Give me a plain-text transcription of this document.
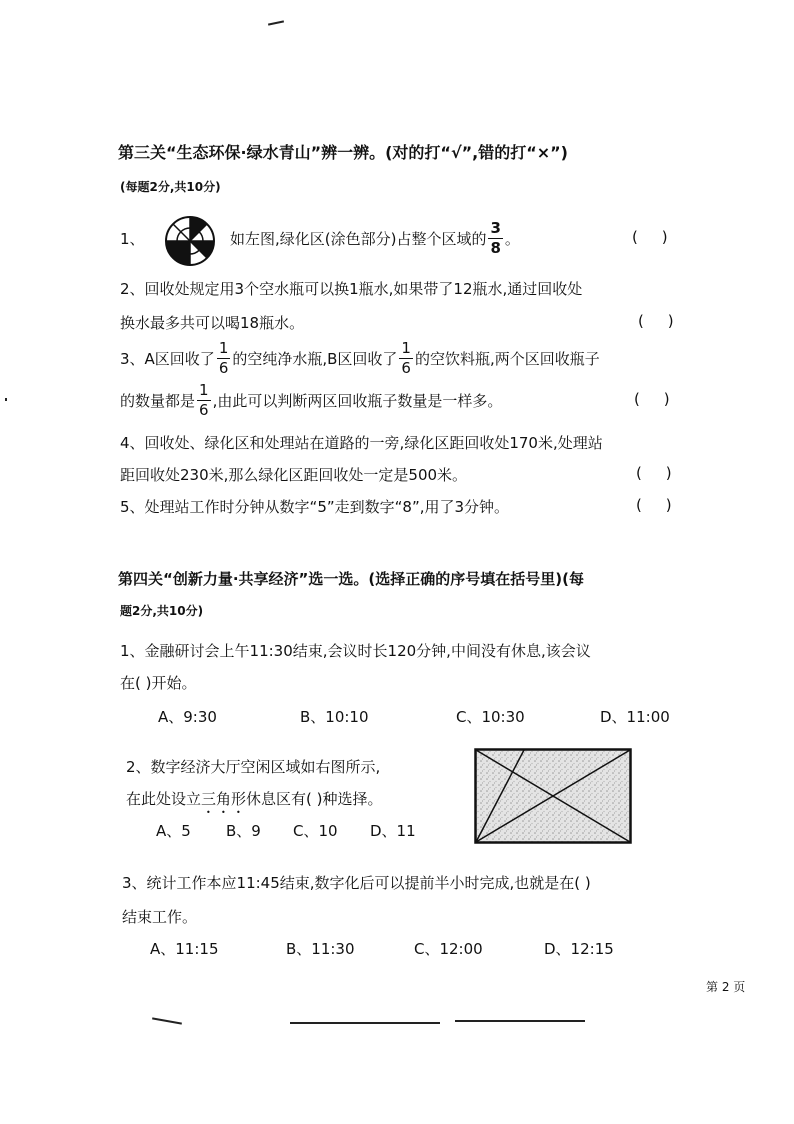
第三关“生态环保·绿水青山”辨一辨。(对的打“√”,错的打“×”)
(每题2分,共10分)
1、	如左图,绿化区(涂色部分)占整个区域的 $\frac{3}{8}$ 。	(     )
2、回收处规定用3个空水瓶可以换1瓶水,如果带了12瓶水,通过回收处
换水最多共可以喝18瓶水。	(     )
3、A区回收了 $\frac{1}{6}$ 的空纯净水瓶,B区回收了 $\frac{1}{6}$ 的空饮料瓶,两个区回收瓶子
的数量都是 $\frac{1}{6}$ ,由此可以判断两区回收瓶子数量是一样多。	(     )
4、回收处、绿化区和处理站在道路的一旁,绿化区距回收处170米,处理站
距回收处230米,那么绿化区距回收处一定是500米。	(     )
5、处理站工作时分钟从数字“5”走到数字“8”,用了3分钟。	(     )
第四关“创新力量·共享经济”选一选。(选择正确的序号填在括号里)(每
题2分,共10分)
1、金融研讨会上午11:30结束,会议时长120分钟,中间没有休息,该会议
在( )开始。
A、9:30	B、10:10	C、10:30	D、11:00
2、数字经济大厅空闲区域如右图所示,
在此处设立三角形休息区有( )种选择。
A、5 B、9 C、10 D、11
3、统计工作本应11:45结束,数字化后可以提前半小时完成,也就是在( )
结束工作。
A、11:15	B、11:30	C、12:00	D、12:15
第 2 页
